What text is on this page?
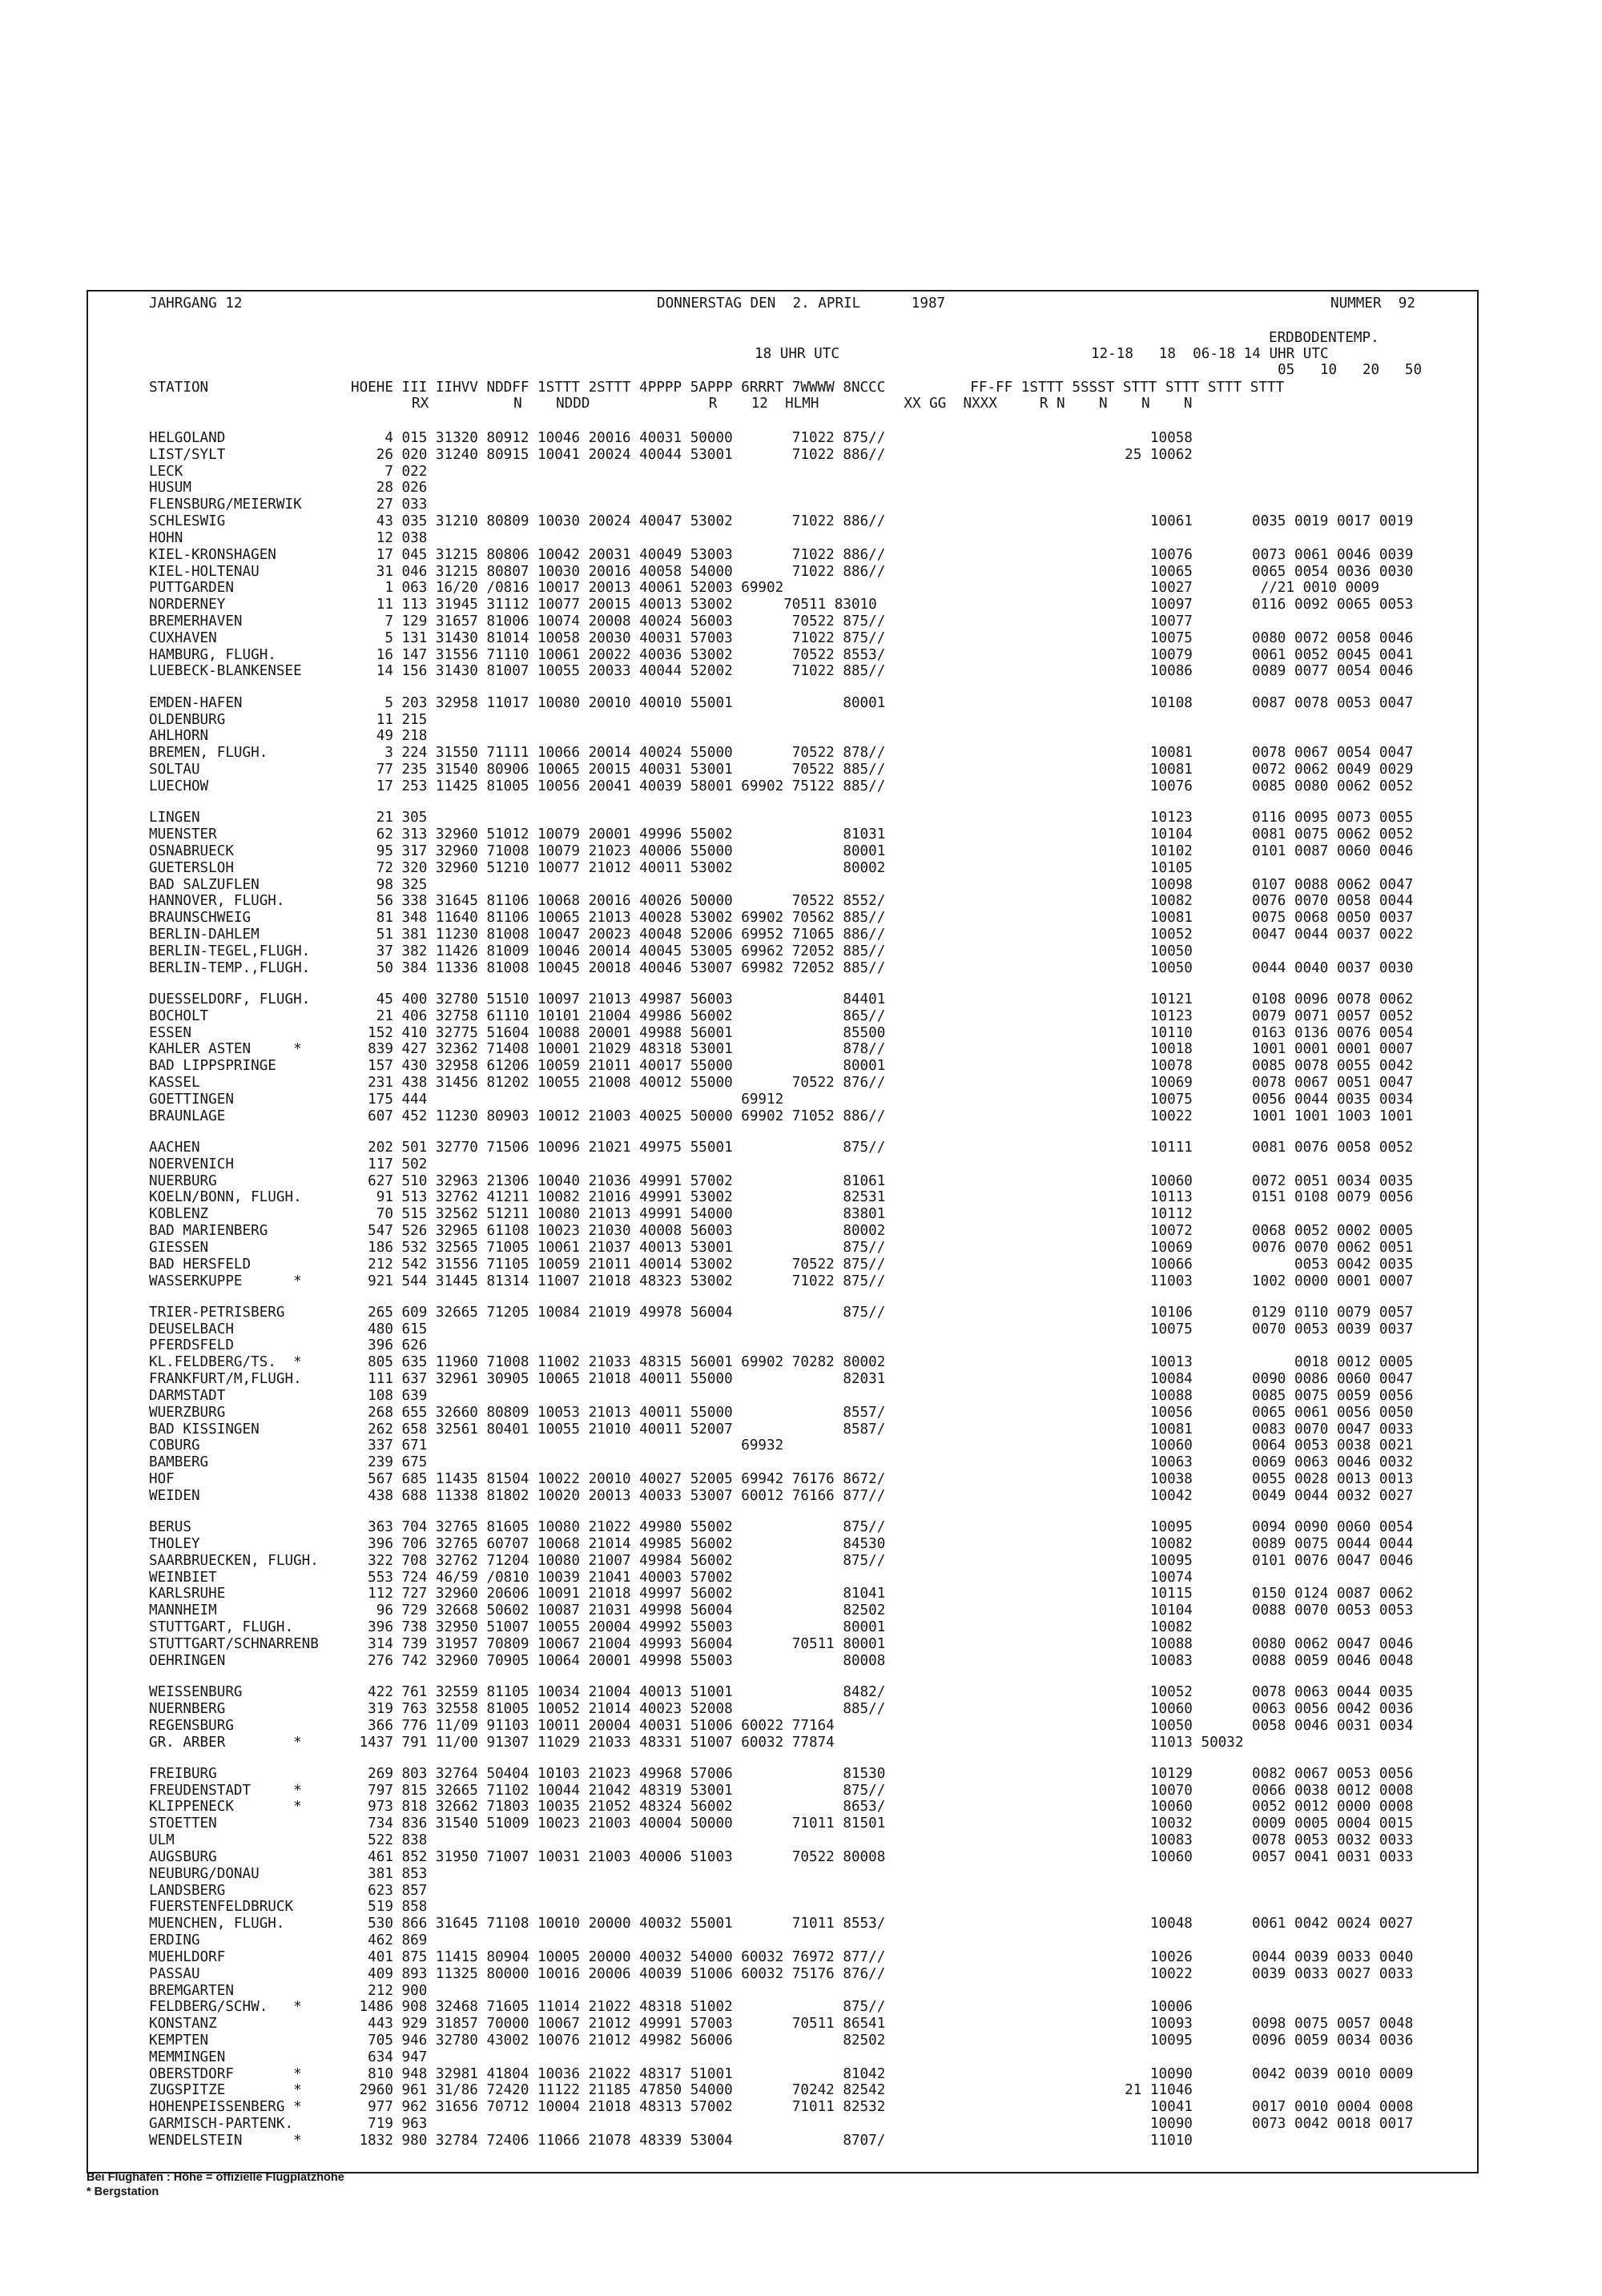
JAHRGANG 12	DONNERSTAG DEN  2. APRIL      1987	NUMMER  92
ERDBODENTEMP.
18 UHR UTC	12-18   18  06-18 14 UHR UTC
05   10   20   50
STATION	HOEHE III IIHVV NDDFF 1STTT 2STTT 4PPPP 5APPP 6RRRT 7WWWW 8NCCC          FF-FF 1STTT 5SSST STTT STTT STTT STTT
RX          N    NDDD              R    12  HLMH          XX GG  NXXX     R N    N    N    N
HELGOLAND	4 015 31320 80912 10046 20016 40031 50000       71022 875//	10058
LIST/SYLT	26 020 31240 80915 10041 20024 40044 53001       71022 886//	25 10062
LECK	7 022
HUSUM	28 026
FLENSBURG/MEIERWIK	27 033
SCHLESWIG	43 035 31210 80809 10030 20024 40047 53002       71022 886//	10061       0035 0019 0017 0019
HOHN	12 038
KIEL-KRONSHAGEN	17 045 31215 80806 10042 20031 40049 53003       71022 886//	10076       0073 0061 0046 0039
KIEL-HOLTENAU	31 046 31215 80807 10030 20016 40058 54000       71022 886//	10065       0065 0054 0036 0030
PUTTGARDEN	1 063 16/20 /0816 10017 20013 40061 52003 69902	10027        //21 0010 0009
NORDERNEY	11 113 31945 31112 10077 20015 40013 53002      70511 83010	10097       0116 0092 0065 0053
BREMERHAVEN	7 129 31657 81006 10074 20008 40024 56003       70522 875//	10077
CUXHAVEN	5 131 31430 81014 10058 20030 40031 57003       71022 875//	10075       0080 0072 0058 0046
HAMBURG, FLUGH.	16 147 31556 71110 10061 20022 40036 53002       70522 8553/	10079       0061 0052 0045 0041
LUEBECK-BLANKENSEE	14 156 31430 81007 10055 20033 40044 52002       71022 885//	10086       0089 0077 0054 0046
EMDEN-HAFEN	5 203 32958 11017 10080 20010 40010 55001             80001	10108       0087 0078 0053 0047
OLDENBURG	11 215
AHLHORN	49 218
BREMEN, FLUGH.	3 224 31550 71111 10066 20014 40024 55000       70522 878//	10081       0078 0067 0054 0047
SOLTAU	77 235 31540 80906 10065 20015 40031 53001       70522 885//	10081       0072 0062 0049 0029
LUECHOW	17 253 11425 81005 10056 20041 40039 58001 69902 75122 885//	10076       0085 0080 0062 0052
LINGEN	21 305	10123       0116 0095 0073 0055
MUENSTER	62 313 32960 51012 10079 20001 49996 55002             81031	10104       0081 0075 0062 0052
OSNABRUECK	95 317 32960 71008 10079 21023 40006 55000             80001	10102       0101 0087 0060 0046
GUETERSLOH	72 320 32960 51210 10077 21012 40011 53002             80002	10105
BAD SALZUFLEN	98 325	10098       0107 0088 0062 0047
HANNOVER, FLUGH.	56 338 31645 81106 10068 20016 40026 50000       70522 8552/	10082       0076 0070 0058 0044
BRAUNSCHWEIG	81 348 11640 81106 10065 21013 40028 53002 69902 70562 885//	10081       0075 0068 0050 0037
BERLIN-DAHLEM	51 381 11230 81008 10047 20023 40048 52006 69952 71065 886//	10052       0047 0044 0037 0022
BERLIN-TEGEL,FLUGH.	37 382 11426 81009 10046 20014 40045 53005 69962 72052 885//	10050
BERLIN-TEMP.,FLUGH.	50 384 11336 81008 10045 20018 40046 53007 69982 72052 885//	10050       0044 0040 0037 0030
DUESSELDORF, FLUGH.	45 400 32780 51510 10097 21013 49987 56003             84401	10121       0108 0096 0078 0062
BOCHOLT	21 406 32758 61110 10101 21004 49986 56002             865//	10123       0079 0071 0057 0052
ESSEN	152 410 32775 51604 10088 20001 49988 56001             85500	10110       0163 0136 0076 0054
KAHLER ASTEN     *	839 427 32362 71408 10001 21029 48318 53001             878//	10018       1001 0001 0001 0007
BAD LIPPSPRINGE	157 430 32958 61206 10059 21011 40017 55000             80001	10078       0085 0078 0055 0042
KASSEL	231 438 31456 81202 10055 21008 40012 55000       70522 876//	10069       0078 0067 0051 0047
GOETTINGEN	175 444                                     69912	10075       0056 0044 0035 0034
BRAUNLAGE	607 452 11230 80903 10012 21003 40025 50000 69902 71052 886//	10022       1001 1001 1003 1001
AACHEN	202 501 32770 71506 10096 21021 49975 55001             875//	10111       0081 0076 0058 0052
NOERVENICH	117 502
NUERBURG	627 510 32963 21306 10040 21036 49991 57002             81061	10060       0072 0051 0034 0035
KOELN/BONN, FLUGH.	91 513 32762 41211 10082 21016 49991 53002             82531	10113       0151 0108 0079 0056
KOBLENZ	70 515 32562 51211 10080 21013 49991 54000             83801	10112
BAD MARIENBERG	547 526 32965 61108 10023 21030 40008 56003             80002	10072       0068 0052 0002 0005
GIESSEN	186 532 32565 71005 10061 21037 40013 53001             875//	10069       0076 0070 0062 0051
BAD HERSFELD	212 542 31556 71105 10059 21011 40014 53002       70522 875//	10066            0053 0042 0035
WASSERKUPPE      *	921 544 31445 81314 11007 21018 48323 53002       71022 875//	11003       1002 0000 0001 0007
TRIER-PETRISBERG	265 609 32665 71205 10084 21019 49978 56004             875//	10106       0129 0110 0079 0057
DEUSELBACH	480 615	10075       0070 0053 0039 0037
PFERDSFELD	396 626
KL.FELDBERG/TS.  *	805 635 11960 71008 11002 21033 48315 56001 69902 70282 80002	10013            0018 0012 0005
FRANKFURT/M,FLUGH.	111 637 32961 30905 10065 21018 40011 55000             82031	10084       0090 0086 0060 0047
DARMSTADT	108 639	10088       0085 0075 0059 0056
WUERZBURG	268 655 32660 80809 10053 21013 40011 55000             8557/	10056       0065 0061 0056 0050
BAD KISSINGEN	262 658 32561 80401 10055 21010 40011 52007             8587/	10081       0083 0070 0047 0033
COBURG	337 671                                     69932	10060       0064 0053 0038 0021
BAMBERG	239 675	10063       0069 0063 0046 0032
HOF	567 685 11435 81504 10022 20010 40027 52005 69942 76176 8672/	10038       0055 0028 0013 0013
WEIDEN	438 688 11338 81802 10020 20013 40033 53007 60012 76166 877//	10042       0049 0044 0032 0027
BERUS	363 704 32765 81605 10080 21022 49980 55002             875//	10095       0094 0090 0060 0054
THOLEY	396 706 32765 60707 10068 21014 49985 56002             84530	10082       0089 0075 0044 0044
SAARBRUECKEN, FLUGH. 322 708 32762 71204 10080 21007 49984 56002             875//	10095       0101 0076 0047 0046
WEINBIET	553 724 46/59 /0810 10039 21041 40003 57002	10074
KARLSRUHE	112 727 32960 20606 10091 21018 49997 56002             81041	10115       0150 0124 0087 0062
MANNHEIM	96 729 32668 50602 10087 21031 49998 56004             82502	10104       0088 0070 0053 0053
STUTTGART, FLUGH.	396 738 32950 51007 10055 20004 49992 55003             80001	10082
STUTTGART/SCHNARRENB 314 739 31957 70809 10067 21004 49993 56004       70511 80001	10088       0080 0062 0047 0046
OEHRINGEN	276 742 32960 70905 10064 20001 49998 55003             80008	10083       0088 0059 0046 0048
WEISSENBURG	422 761 32559 81105 10034 21004 40013 51001             8482/	10052       0078 0063 0044 0035
NUERNBERG	319 763 32558 81005 10052 21014 40023 52008             885//	10060       0063 0056 0042 0036
REGENSBURG	366 776 11/09 91103 10011 20004 40031 51006 60022 77164	10050       0058 0046 0031 0034
GR. ARBER        *	1437 791 11/00 91307 11029 21033 48331 51007 60032 77874	11013 50032
FREIBURG	269 803 32764 50404 10103 21023 49968 57006             81530	10129       0082 0067 0053 0056
FREUDENSTADT     *	797 815 32665 71102 10044 21042 48319 53001             875//	10070       0066 0038 0012 0008
KLIPPENECK       *	973 818 32662 71803 10035 21052 48324 56002             8653/	10060       0052 0012 0000 0008
STOETTEN	734 836 31540 51009 10023 21003 40004 50000       71011 81501	10032       0009 0005 0004 0015
ULM	522 838	10083       0078 0053 0032 0033
AUGSBURG	461 852 31950 71007 10031 21003 40006 51003       70522 80008	10060       0057 0041 0031 0033
NEUBURG/DONAU	381 853
LANDSBERG	623 857
FUERSTENFELDBRUCK	519 858
MUENCHEN, FLUGH.	530 866 31645 71108 10010 20000 40032 55001       71011 8553/	10048       0061 0042 0024 0027
ERDING	462 869
MUEHLDORF	401 875 11415 80904 10005 20000 40032 54000 60032 76972 877//	10026       0044 0039 0033 0040
PASSAU	409 893 11325 80000 10016 20006 40039 51006 60032 75176 876//	10022       0039 0033 0027 0033
BREMGARTEN	212 900
FELDBERG/SCHW.   *	1486 908 32468 71605 11014 21022 48318 51002             875//	10006
KONSTANZ	443 929 31857 70000 10067 21012 49991 57003       70511 86541	10093       0098 0075 0057 0048
KEMPTEN	705 946 32780 43002 10076 21012 49982 56006             82502	10095       0096 0059 0034 0036
MEMMINGEN	634 947
OBERSTDORF       *	810 948 32981 41804 10036 21022 48317 51001             81042	10090       0042 0039 0010 0009
ZUGSPITZE        *	2960 961 31/86 72420 11122 21185 47850 54000       70242 82542	21 11046
HOHENPEISSENBERG *	977 962 31656 70712 10004 21018 48313 57002       71011 82532	10041       0017 0010 0004 0008
GARMISCH-PARTENK.	719 963	10090       0073 0042 0018 0017
WENDELSTEIN      *	1832 980 32784 72406 11066 21078 48339 53004             8707/	11010
Bei Flughäfen : Höhe = offizielle Flugplatzhöhe
* Bergstation
